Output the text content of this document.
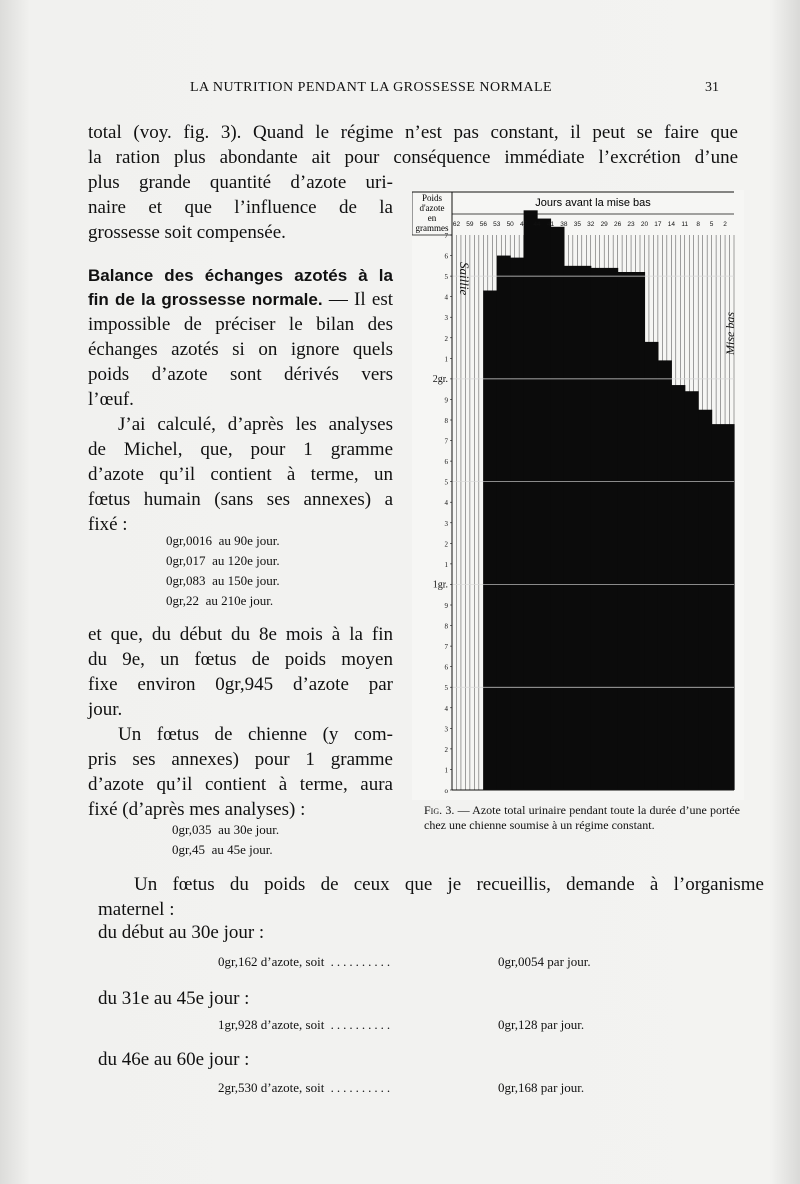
LA NUTRITION PENDANT LA GROSSESSE NORMALE	31
total (voy. fig. 3). Quand le régime n’est pas constant, il peut se faire que
la ration plus abondante ait pour conséquence immédiate l’excrétion d’une
plus grande quantité d’azote uri-
naire et que l’influence de la
grossesse soit compensée.
Balance des échanges azotés à la
fin de la grossesse normale. — Il est
impossible de préciser le bilan des
échanges azotés si on ignore quels
poids d’azote sont dérivés vers
l’œuf.
J’ai calculé, d’après les analyses
de Michel, que, pour 1 gramme
d’azote qu’il contient à terme, un
fœtus humain (sans ses annexes) a
fixé :
0gr,0016 au 90e jour.
0gr,017 au 120e jour.
0gr,083 au 150e jour.
0gr,22 au 210e jour.
et que, du début du 8e mois à la fin
du 9e, un fœtus de poids moyen
fixe environ 0gr,945 d’azote par
jour.
Un fœtus de chienne (y com-
pris ses annexes) pour 1 gramme
d’azote qu’il contient à terme, aura
fixé (d’après mes analyses) :
0gr,035 au 30e jour.
0gr,45 au 45e jour.
Poids
d'azote
en
grammes
Jours avant la mise bas
62 59 56 53 50 47 44 41 38 35 32 29 26 23 20 17 14 11 8 5 2
o
1
2
3
4
5
6
7
8
9
1gr.
1
2
3
4
5
6
7
8
9
2gr.
1
2
3
4
5
6
7
Saillie
Mise bas
Fig. 3. — Azote total urinaire pendant toute la durée d’une portée chez une chienne soumise à un régime constant.
Un fœtus du poids de ceux que je recueillis, demande à l’organisme
maternel :
du début au 30e jour :
0gr,162 d’azote, soit ..........	0gr,0054 par jour.
du 31e au 45e jour :
1gr,928 d’azote, soit ..........	0gr,128 par jour.
du 46e au 60e jour :
2gr,530 d’azote, soit ..........	0gr,168 par jour.
